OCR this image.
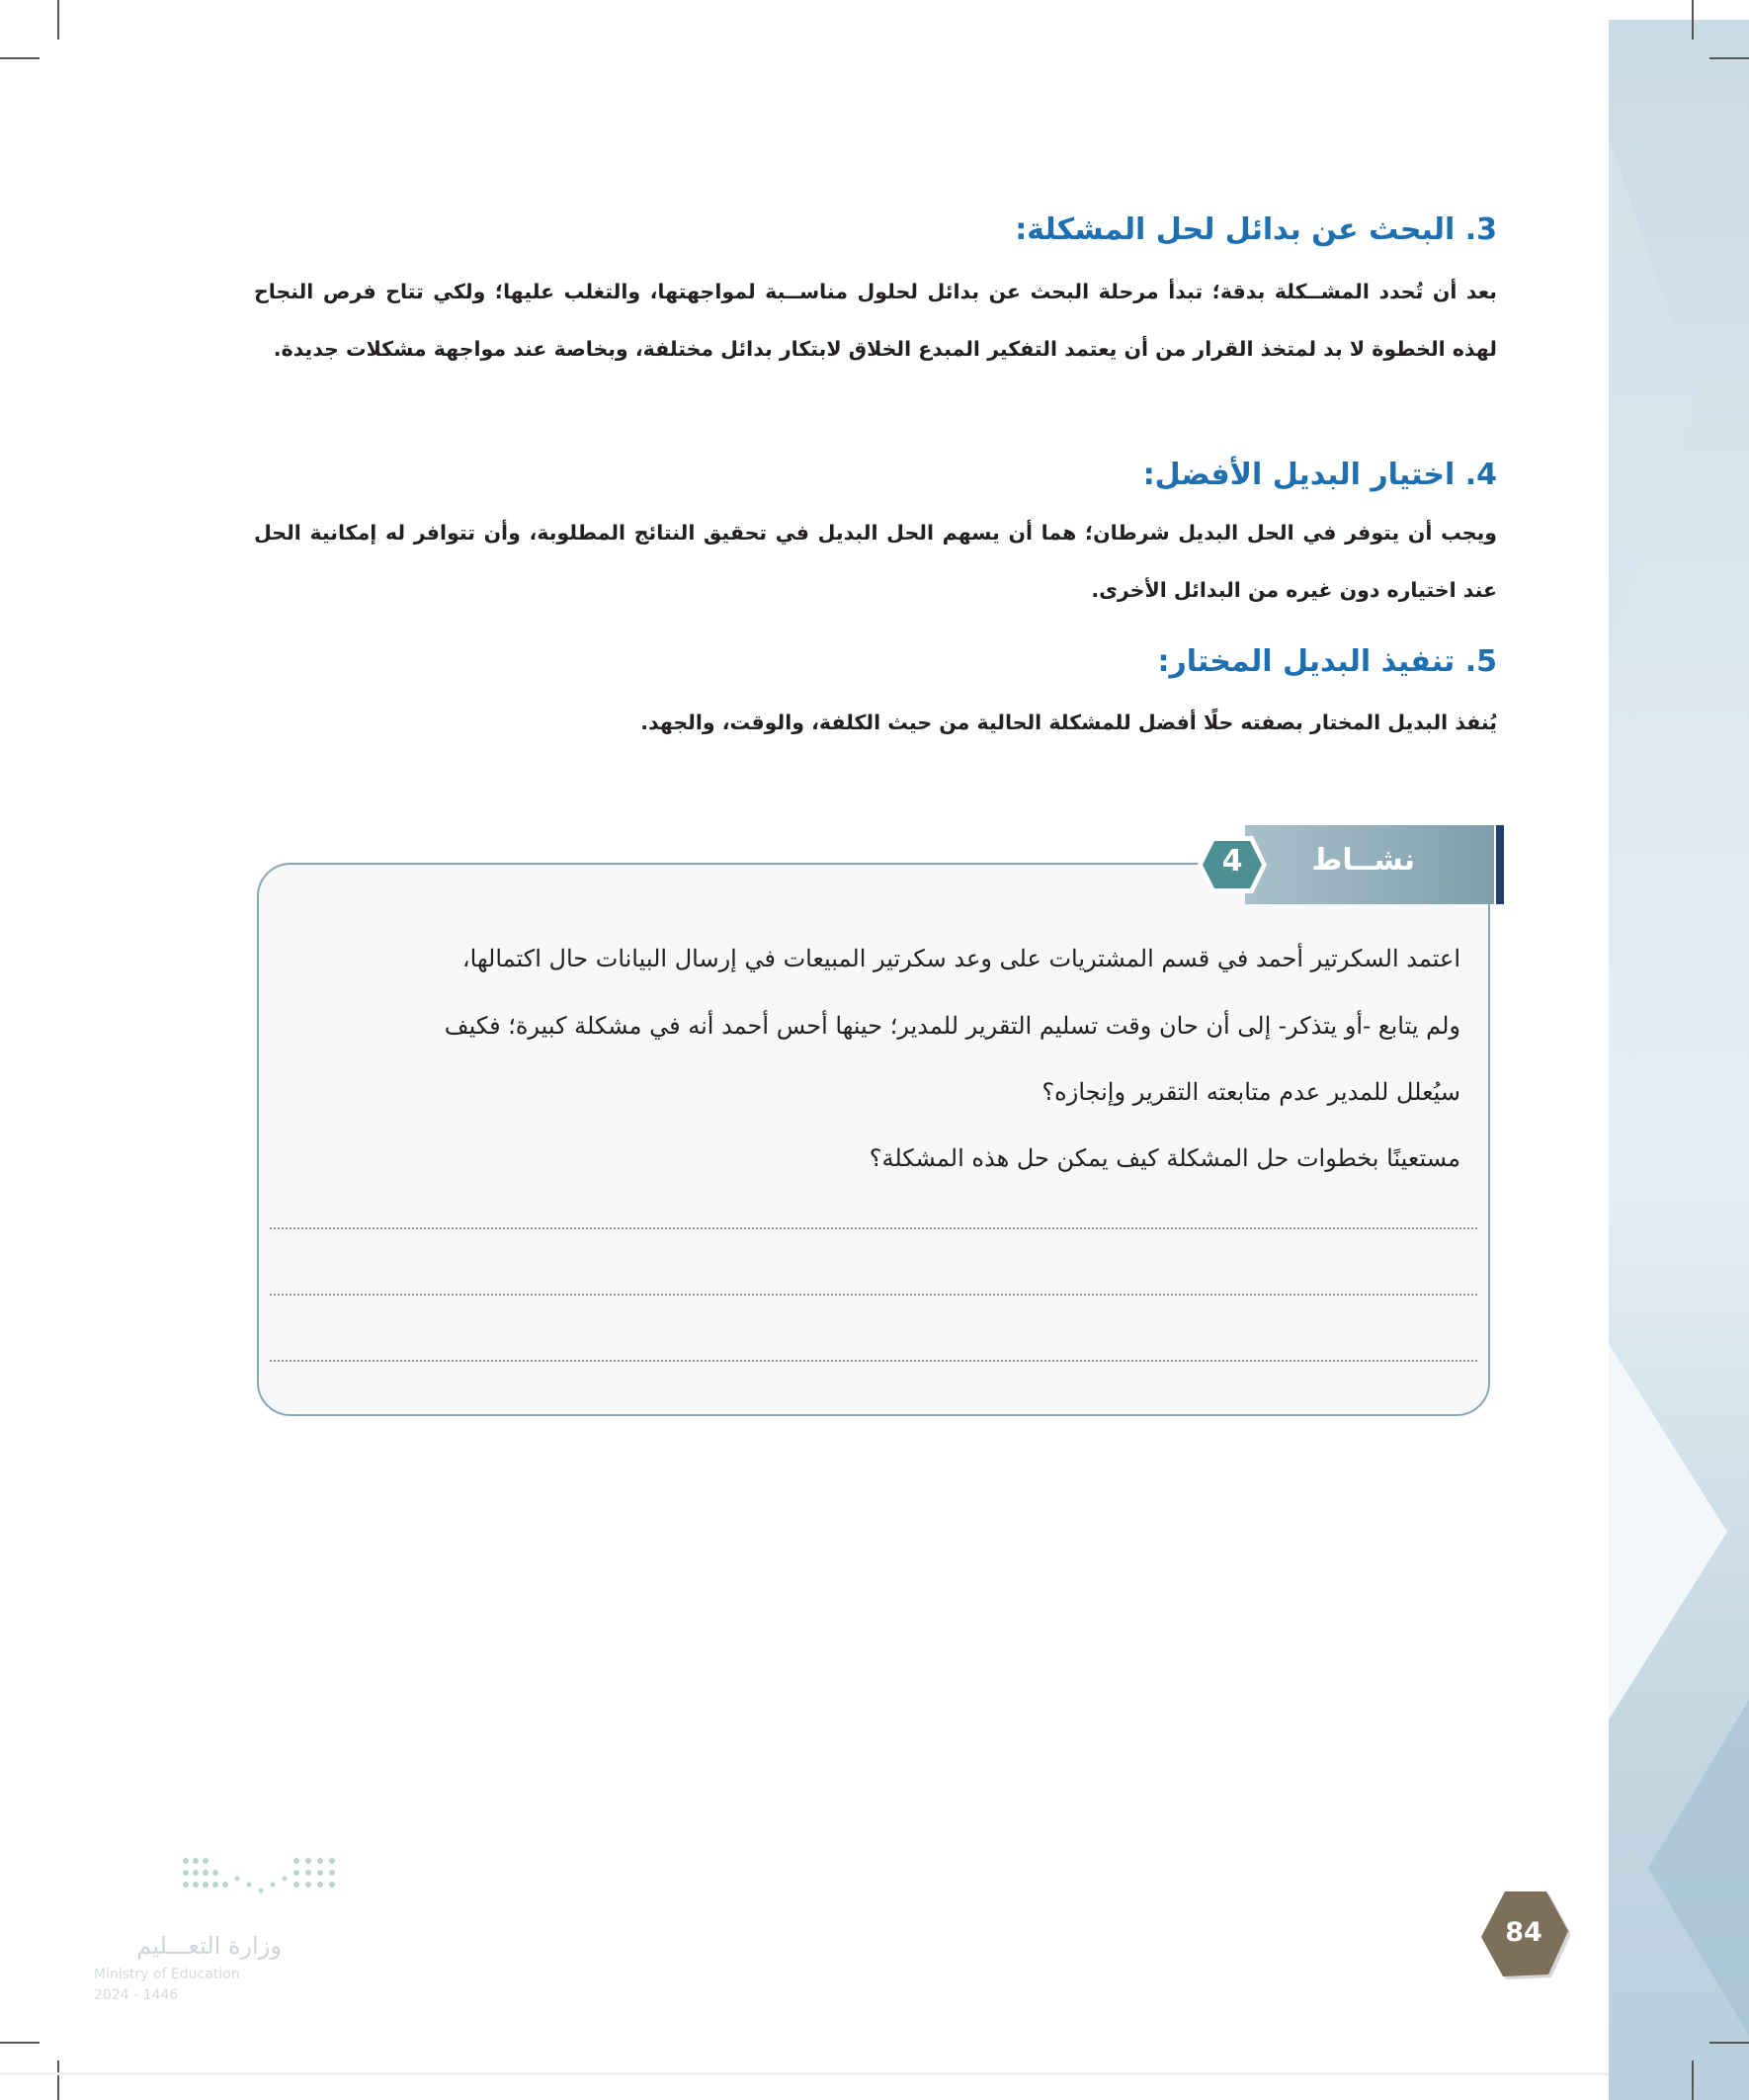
3. البحث عن بدائل لحل المشكلة:

بعد أن تُحدد المشــكلة بدقة؛ تبدأ مرحلة البحث عن بدائل لحلول مناســبة لمواجهتها، والتغلب عليها؛ ولكي تتاح فرص النجاح لهذه الخطوة لا بد لمتخذ القرار من أن يعتمد التفكير المبدع الخلاق لابتكار بدائل مختلفة، وبخاصة عند مواجهة مشكلات جديدة.

4. اختيار البديل الأفضل:

ويجب أن يتوفر في الحل البديل شرطان؛ هما أن يسهم الحل البديل في تحقيق النتائج المطلوبة، وأن تتوافر له إمكانية الحل عند اختياره دون غيره من البدائل الأخرى.

5. تنفيذ البديل المختار:

يُنفذ البديل المختار بصفته حلًا أفضل للمشكلة الحالية من حيث الكلفة، والوقت، والجهد.

نشــاط
4

اعتمد السكرتير أحمد في قسم المشتريات على وعد سكرتير المبيعات في إرسال البيانات حال اكتمالها،

ولم يتابع -أو يتذكر- إلى أن حان وقت تسليم التقرير للمدير؛ حينها أحس أحمد أنه في مشكلة كبيرة؛ فكيف

سيُعلل للمدير عدم متابعته التقرير وإنجازه؟

مستعينًا بخطوات حل المشكلة كيف يمكن حل هذه المشكلة؟

84
وزارة التعـــليم
Ministry of Education
2024 - 1446
